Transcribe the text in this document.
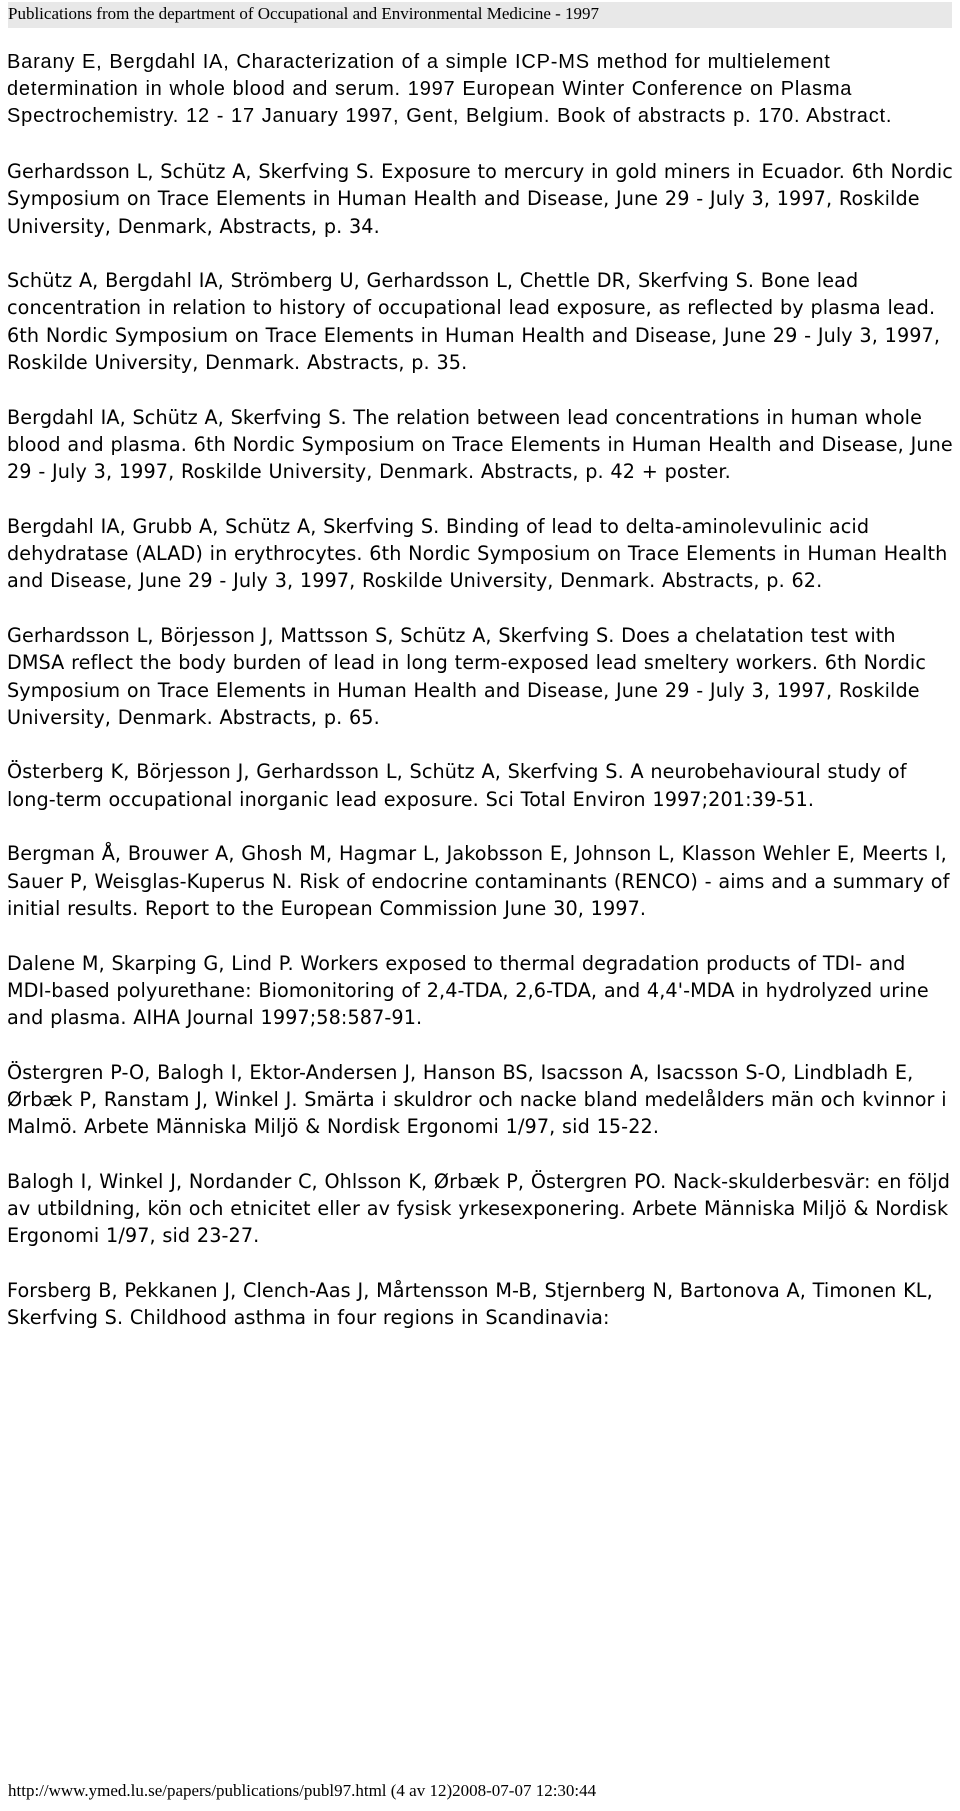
Publications from the department of Occupational and Environmental Medicine - 1997

Barany E, Bergdahl IA, Characterization of a simple ICP-MS method for multielement determination in whole blood and serum. 1997 European Winter Conference on Plasma Spectrochemistry. 12 - 17 January 1997, Gent, Belgium. Book of abstracts p. 170. Abstract.

Gerhardsson L, Schütz A, Skerfving S. Exposure to mercury in gold miners in Ecuador. 6th Nordic Symposium on Trace Elements in Human Health and Disease, June 29 - July 3, 1997, Roskilde University, Denmark, Abstracts, p. 34.

Schütz A, Bergdahl IA, Strömberg U, Gerhardsson L, Chettle DR, Skerfving S. Bone lead concentration in relation to history of occupational lead exposure, as reflected by plasma lead. 6th Nordic Symposium on Trace Elements in Human Health and Disease, June 29 - July 3, 1997, Roskilde University, Denmark. Abstracts, p. 35.

Bergdahl IA, Schütz A, Skerfving S. The relation between lead concentrations in human whole blood and plasma. 6th Nordic Symposium on Trace Elements in Human Health and Disease, June 29 - July 3, 1997, Roskilde University, Denmark. Abstracts, p. 42 + poster.

Bergdahl IA, Grubb A, Schütz A, Skerfving S. Binding of lead to delta-aminolevulinic acid dehydratase (ALAD) in erythrocytes. 6th Nordic Symposium on Trace Elements in Human Health and Disease, June 29 - July 3, 1997, Roskilde University, Denmark. Abstracts, p. 62.

Gerhardsson L, Börjesson J, Mattsson S, Schütz A, Skerfving S. Does a chelatation test with DMSA reflect the body burden of lead in long term-exposed lead smeltery workers. 6th Nordic Symposium on Trace Elements in Human Health and Disease, June 29 - July 3, 1997, Roskilde University, Denmark. Abstracts, p. 65.

Österberg K, Börjesson J, Gerhardsson L, Schütz A, Skerfving S. A neurobehavioural study of long-term occupational inorganic lead exposure. Sci Total Environ 1997;201:39-51.

Bergman Å, Brouwer A, Ghosh M, Hagmar L, Jakobsson E, Johnson L, Klasson Wehler E, Meerts I, Sauer P, Weisglas-Kuperus N. Risk of endocrine contaminants (RENCO) - aims and a summary of initial results. Report to the European Commission June 30, 1997.

Dalene M, Skarping G, Lind P. Workers exposed to thermal degradation products of TDI- and MDI-based polyurethane: Biomonitoring of 2,4-TDA, 2,6-TDA, and 4,4'-MDA in hydrolyzed urine and plasma. AIHA Journal 1997;58:587-91.

Östergren P-O, Balogh I, Ektor-Andersen J, Hanson BS, Isacsson A, Isacsson S-O, Lindbladh E, Ørbæk P, Ranstam J, Winkel J. Smärta i skuldror och nacke bland medelålders män och kvinnor i Malmö. Arbete Människa Miljö & Nordisk Ergonomi 1/97, sid 15-22.

Balogh I, Winkel J, Nordander C, Ohlsson K, Ørbæk P, Östergren PO. Nack-skulderbesvär: en följd av utbildning, kön och etnicitet eller av fysisk yrkesexponering. Arbete Människa Miljö & Nordisk Ergonomi 1/97, sid 23-27.

Forsberg B, Pekkanen J, Clench-Aas J, Mårtensson M-B, Stjernberg N, Bartonova A, Timonen KL, Skerfving S. Childhood asthma in four regions in Scandinavia:

http://www.ymed.lu.se/papers/publications/publ97.html (4 av 12)2008-07-07 12:30:44
